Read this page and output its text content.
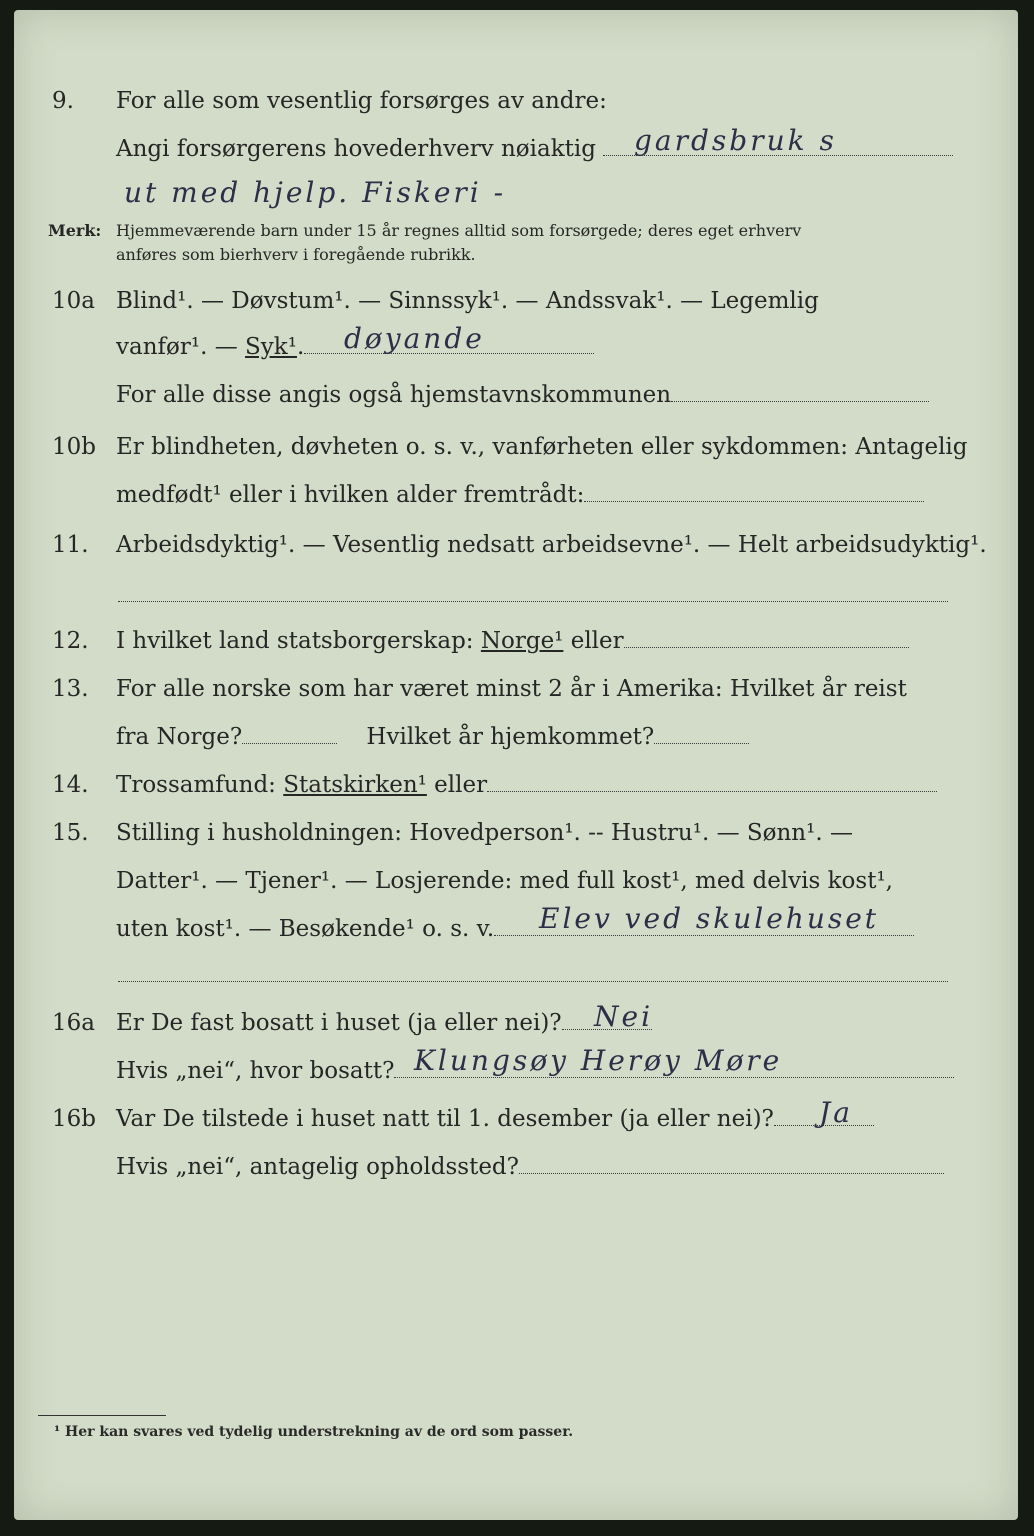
9. For alle som vesentlig forsørges av andre:
Angi forsørgerens hovederhverv nøiaktig	gardsbruk s
ut med hjelp. Fiskeri -
Merk: Hjemmeværende barn under 15 år regnes alltid som forsørgede; deres eget erhverv
anføres som bierhverv i foregående rubrikk.
10a Blind¹. — Døvstum¹. — Sinnssyk¹. — Andssvak¹. — Legemlig
vanfør¹. — Syk¹.	døyande
For alle disse angis også hjemstavnskommunen
10b Er blindheten, døvheten o. s. v., vanførheten eller sykdommen: Antagelig
medfødt¹ eller i hvilken alder fremtrådt:
11. Arbeidsdyktig¹. — Vesentlig nedsatt arbeidsevne¹. — Helt arbeidsudyktig¹.
12. I hvilket land statsborgerskap: Norge¹ eller
13. For alle norske som har været minst 2 år i Amerika: Hvilket år reist
fra Norge?	Hvilket år hjemkommet?
14. Trossamfund: Statskirken¹ eller
15. Stilling i husholdningen: Hovedperson¹. -- Hustru¹. — Sønn¹. —
Datter¹. — Tjener¹. — Losjerende: med full kost¹, med delvis kost¹,
uten kost¹. — Besøkende¹ o. s. v.	Elev ved skulehuset
16a Er De fast bosatt i huset (ja eller nei)?	Nei
Hvis „nei“, hvor bosatt? Klungsøy Herøy Møre
16b Var De tilstede i huset natt til 1. desember (ja eller nei)?	Ja
Hvis „nei“, antagelig opholdssted?
¹ Her kan svares ved tydelig understrekning av de ord som passer.
